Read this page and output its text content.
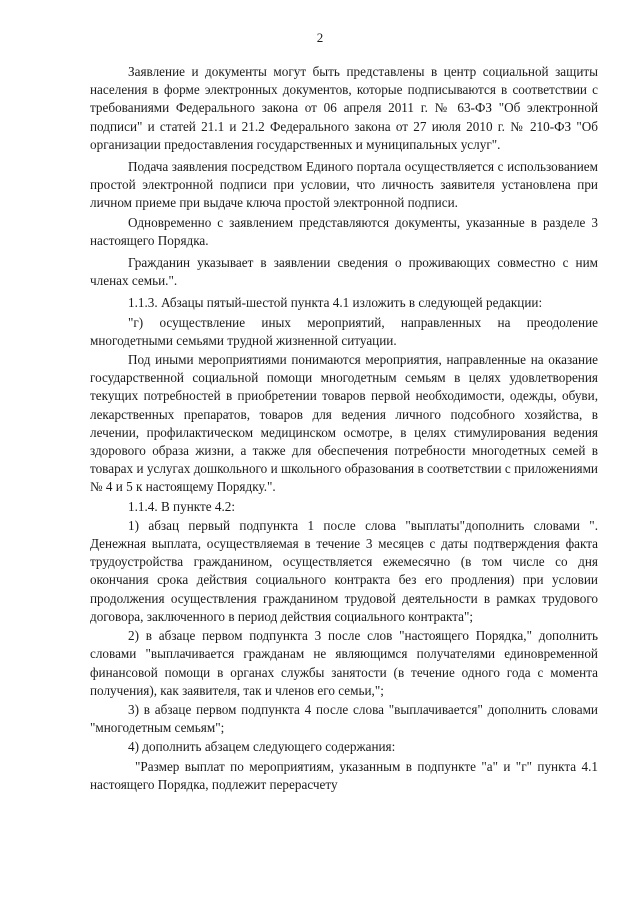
2

Заявление и документы могут быть представлены в центр социальной защиты населения в форме электронных документов, которые подписываются в соответствии с требованиями Федерального закона от 06 апреля 2011 г. № 63-ФЗ "Об электронной подписи" и статей 21.1 и 21.2 Федерального закона от 27 июля 2010 г. № 210-ФЗ "Об организации предоставления государственных и муниципальных услуг".

Подача заявления посредством Единого портала осуществляется с использованием простой электронной подписи при условии, что личность заявителя установлена при личном приеме при выдаче ключа простой электронной подписи.

Одновременно с заявлением представляются документы, указанные в разделе 3 настоящего Порядка.

Гражданин указывает в заявлении сведения о проживающих совместно с ним членах семьи.".

1.1.3. Абзацы пятый-шестой пункта 4.1 изложить в следующей редакции:

"г) осуществление иных мероприятий, направленных на преодоление многодетными семьями трудной жизненной ситуации.

Под иными мероприятиями понимаются мероприятия, направленные на оказание государственной социальной помощи многодетным семьям в целях удовлетворения текущих потребностей в приобретении товаров первой необходимости, одежды, обуви, лекарственных препаратов, товаров для ведения личного подсобного хозяйства, в лечении, профилактическом медицинском осмотре, в целях стимулирования ведения здорового образа жизни, а также для обеспечения потребности многодетных семей в товарах и услугах дошкольного и школьного образования в соответствии с приложениями № 4 и 5 к настоящему Порядку.".

1.1.4. В пункте 4.2:

1) абзац первый подпункта 1 после слова "выплаты"дополнить словами ". Денежная выплата, осуществляемая в течение 3 месяцев с даты подтверждения факта трудоустройства гражданином, осуществляется ежемесячно (в том числе со дня окончания срока действия социального контракта без его продления) при условии продолжения осуществления гражданином трудовой деятельности в рамках трудового договора, заключенного в период действия социального контракта";

2) в абзаце первом подпункта 3 после слов "настоящего Порядка," дополнить словами "выплачивается гражданам не являющимся получателями единовременной финансовой помощи в органах службы занятости (в течение одного года с момента получения), как заявителя, так и членов его семьи,";

3) в абзаце первом подпункта 4 после слова "выплачивается" дополнить словами "многодетным семьям";

4) дополнить абзацем следующего содержания:

"Размер выплат по мероприятиям, указанным в подпункте "а" и "г" пункта 4.1 настоящего Порядка, подлежит перерасчету
